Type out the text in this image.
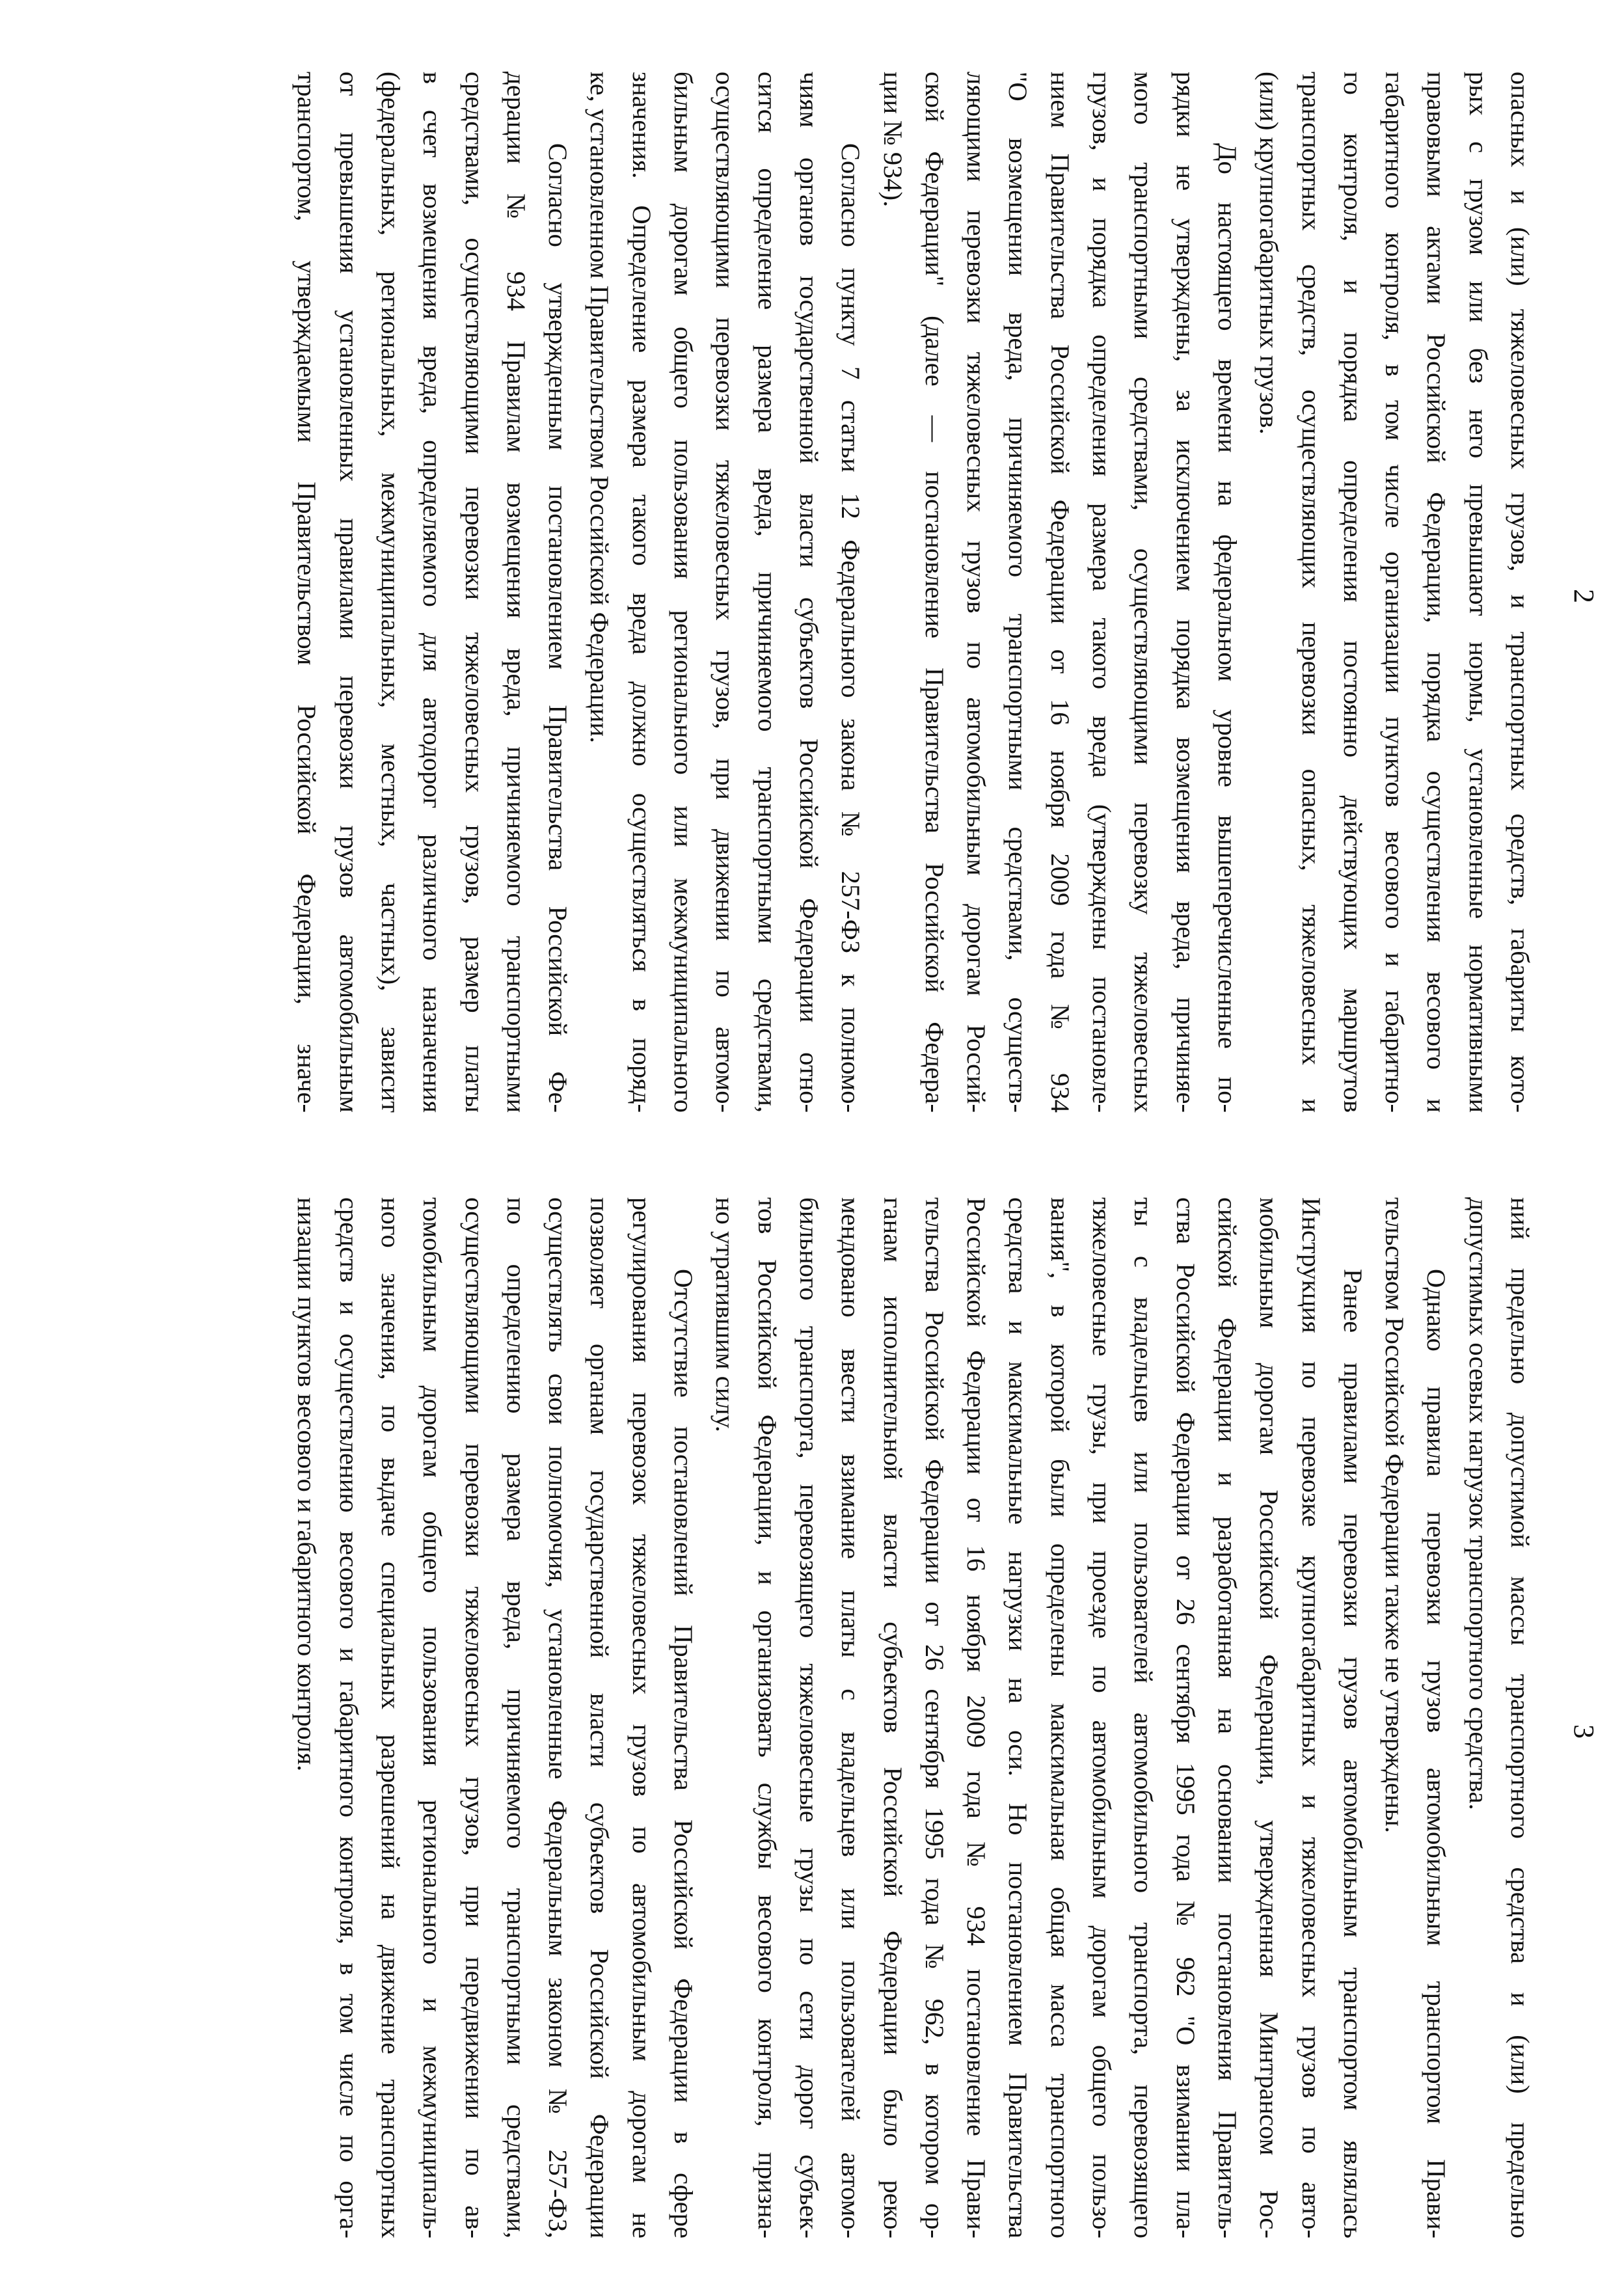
2
опасных и (или) тяжеловесных грузов, и транспортных средств, габариты кото-
рых с грузом или без него превышают нормы, установленные нормативными
правовыми актами Российской Федерации, порядка осуществления весового и
габаритного контроля, в том числе организации пунктов весового и габаритно-
го контроля, и порядка определения постоянно действующих маршрутов
транспортных средств, осуществляющих перевозки опасных, тяжеловесных и
(или) крупногабаритных грузов.
До настоящего времени на федеральном уровне вышеперечисленные по-
рядки не утверждены, за исключением порядка возмещения вреда, причиняе-
мого транспортными средствами, осуществляющими перевозку тяжеловесных
грузов, и порядка определения размера такого вреда (утверждены постановле-
нием Правительства Российской Федерации от 16 ноября 2009 года № 934
"О возмещении вреда, причиняемого транспортными средствами, осуществ-
ляющими перевозки тяжеловесных грузов по автомобильным дорогам Россий-
ской Федерации" (далее — постановление Правительства Российской Федера-
ции № 934).
Согласно пункту 7 статьи 12 Федерального закона № 257-ФЗ к полномо-
чиям органов государственной власти субъектов Российской Федерации отно-
сится определение размера вреда, причиняемого транспортными средствами,
осуществляющими перевозки тяжеловесных грузов, при движении по автомо-
бильным дорогам общего пользования регионального или межмуниципального
значения. Определение размера такого вреда должно осуществляться в поряд-
ке, установленном Правительством Российской Федерации.
Согласно утвержденным постановлением Правительства Российской Фе-
дерации № 934 Правилам возмещения вреда, причиняемого транспортными
средствами, осуществляющими перевозки тяжеловесных грузов, размер платы
в счет возмещения вреда, определяемого для автодорог различного назначения
(федеральных, региональных, межмуниципальных, местных, частных), зависит
от превышения установленных правилами перевозки грузов автомобильным
транспортом, утверждаемыми Правительством Российской Федерации, значе-
3
ний предельно допустимой массы транспортного средства и (или) предельно
допустимых осевых нагрузок транспортного средства.
Однако правила перевозки грузов автомобильным транспортом Прави-
тельством Российской Федерации также не утверждены.
Ранее правилами перевозки грузов автомобильным транспортом являлась
Инструкция по перевозке крупногабаритных и тяжеловесных грузов по авто-
мобильным дорогам Российской Федерации, утвержденная Минтрансом Рос-
сийской Федерации и разработанная на основании постановления Правитель-
ства Российской Федерации от 26 сентября 1995 года № 962 "О взимании пла-
ты с владельцев или пользователей автомобильного транспорта, перевозящего
тяжеловесные грузы, при проезде по автомобильным дорогам общего пользо-
вания", в которой были определены максимальная общая масса транспортного
средства и максимальные нагрузки на оси. Но постановлением Правительства
Российской Федерации от 16 ноября 2009 года № 934 постановление Прави-
тельства Российской Федерации от 26 сентября 1995 года № 962, в котором ор-
ганам исполнительной власти субъектов Российской Федерации было реко-
мендовано ввести взимание платы с владельцев или пользователей автомо-
бильного транспорта, перевозящего тяжеловесные грузы по сети дорог субъек-
тов Российской Федерации, и организовать службы весового контроля, призна-
но утратившим силу.
Отсутствие постановлений Правительства Российской Федерации в сфере
регулирования перевозок тяжеловесных грузов по автомобильным дорогам не
позволяет органам государственной власти субъектов Российской Федерации
осуществлять свои полномочия, установленные Федеральным законом № 257-ФЗ,
по определению размера вреда, причиняемого транспортными средствами,
осуществляющими перевозки тяжеловесных грузов, при передвижении по ав-
томобильным дорогам общего пользования регионального и межмуниципаль-
ного значения, по выдаче специальных разрешений на движение транспортных
средств и осуществлению весового и габаритного контроля, в том числе по орга-
низации пунктов весового и габаритного контроля.
